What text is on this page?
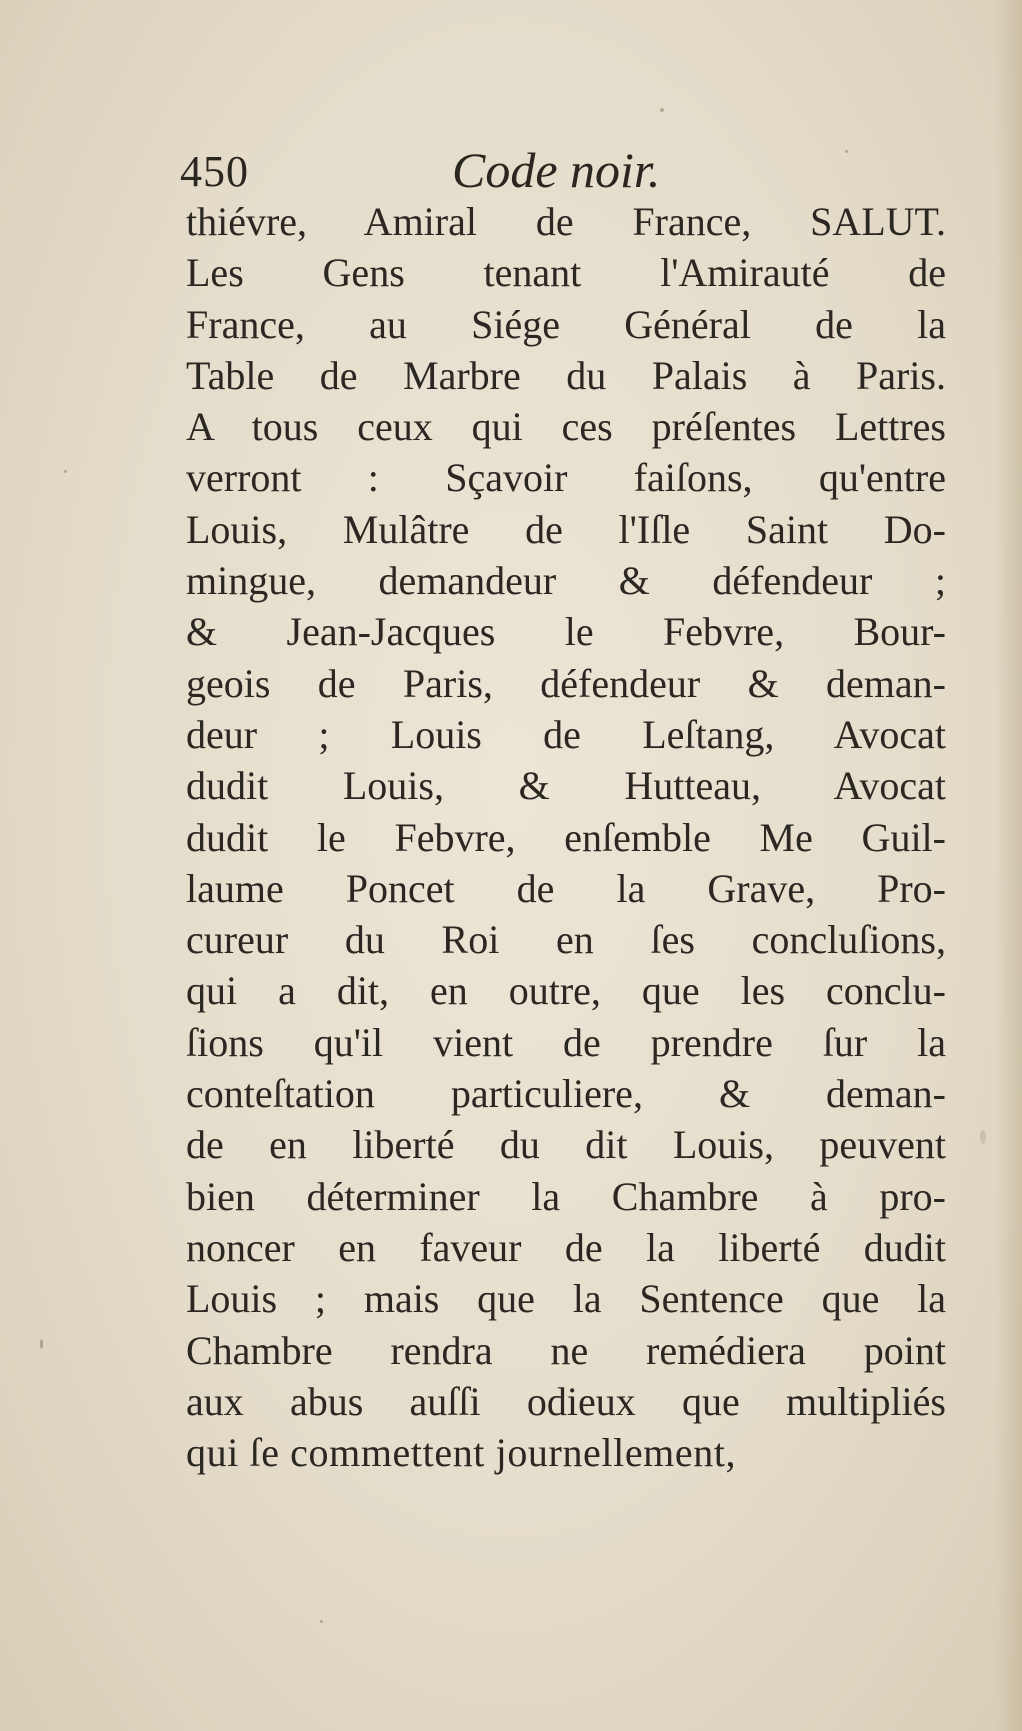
450	Code noir.
thiévre, Amiral de France, SALUT.
Les Gens tenant l'Amirauté de
France, au Siége Général de la
Table de Marbre du Palais à Paris.
A tous ceux qui ces préſentes Lettres
verront : Sçavoir faiſons, qu'entre
Louis, Mulâtre de l'Iſle Saint Do-
mingue, demandeur & défendeur ;
& Jean-Jacques le Febvre, Bour-
geois de Paris, défendeur & deman-
deur ; Louis de Leſtang, Avocat
dudit Louis, & Hutteau, Avocat
dudit le Febvre, enſemble Me Guil-
laume Poncet de la Grave, Pro-
cureur du Roi en ſes concluſions,
qui a dit, en outre, que les conclu-
ſions qu'il vient de prendre ſur la
conteſtation particuliere, & deman-
de en liberté du dit Louis, peuvent
bien déterminer la Chambre à pro-
noncer en faveur de la liberté dudit
Louis ; mais que la Sentence que la
Chambre rendra ne remédiera point
aux abus auſſi odieux que multipliés
qui ſe commettent journellement,
